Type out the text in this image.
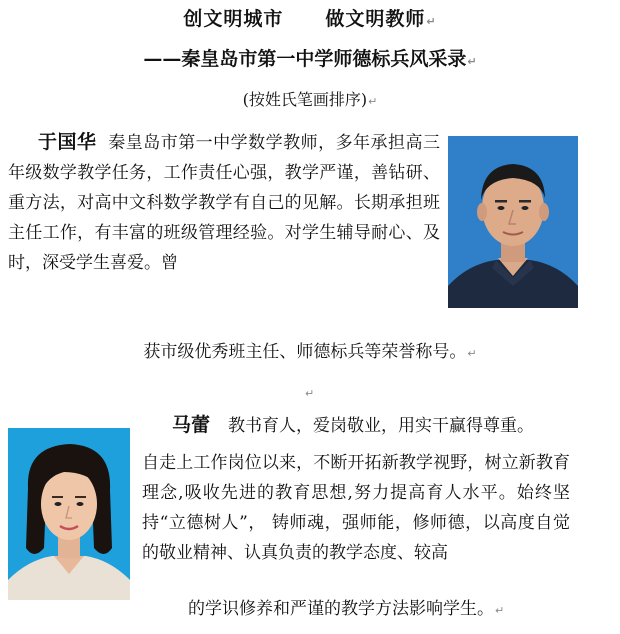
创文明城市 做文明教师↵
——秦皇岛市第一中学师德标兵风采录↵
(按姓氏笔画排序)↵
于国华 秦皇岛市第一中学数学教师，多年承担高三年级数学教学任务，工作责任心强，教学严谨，善钻研、重方法，对高中文科数学教学有自己的见解。长期承担班主任工作，有丰富的班级管理经验。对学生辅导耐心、及时，深受学生喜爱。曾
获市级优秀班主任、师德标兵等荣誉称号。↵
↵
马蕾 教书育人，爱岗敬业，用实干赢得尊重。
自走上工作岗位以来，不断开拓新教学视野，树立新教育理念,吸收先进的教育思想,努力提高育人水平。始终坚持“立德树人”， 铸师魂，强师能，修师德，以高度自觉的敬业精神、认真负责的教学态度、较高
的学识修养和严谨的教学方法影响学生。↵
